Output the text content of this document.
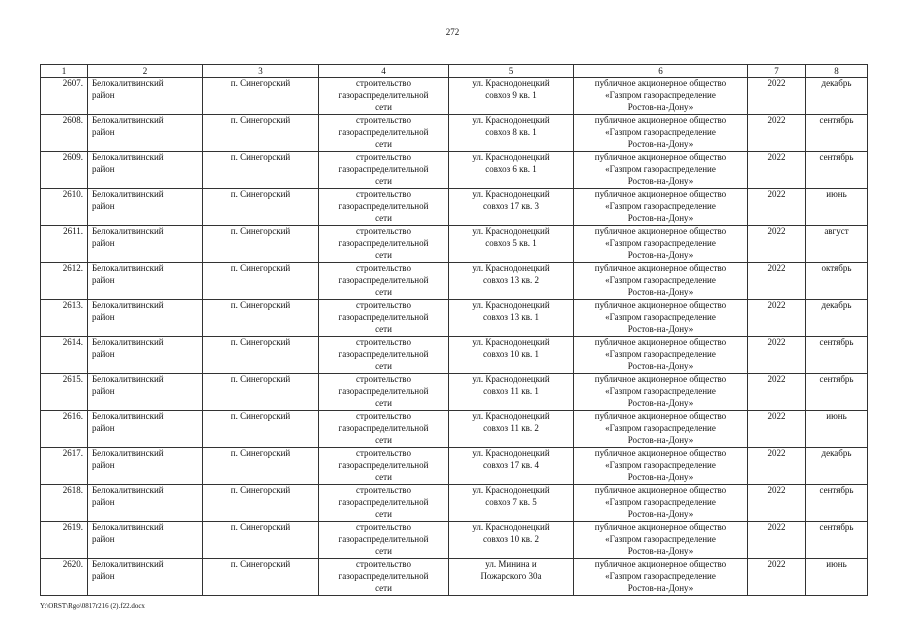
272
1	2	3	4	5	6	7	8
2607.	Белокалитвинский
район	п. Синегорский	строительство
газораспределительной
сети	ул. Краснодонецкий
совхоз 9 кв. 1	публичное акционерное общество
«Газпром газораспределение
Ростов-на-Дону»	2022	декабрь
2608.	Белокалитвинский
район	п. Синегорский	строительство
газораспределительной
сети	ул. Краснодонецкий
совхоз 8 кв. 1	публичное акционерное общество
«Газпром газораспределение
Ростов-на-Дону»	2022	сентябрь
2609.	Белокалитвинский
район	п. Синегорский	строительство
газораспределительной
сети	ул. Краснодонецкий
совхоз 6 кв. 1	публичное акционерное общество
«Газпром газораспределение
Ростов-на-Дону»	2022	сентябрь
2610.	Белокалитвинский
район	п. Синегорский	строительство
газораспределительной
сети	ул. Краснодонецкий
совхоз 17 кв. 3	публичное акционерное общество
«Газпром газораспределение
Ростов-на-Дону»	2022	июнь
2611.	Белокалитвинский
район	п. Синегорский	строительство
газораспределительной
сети	ул. Краснодонецкий
совхоз 5 кв. 1	публичное акционерное общество
«Газпром газораспределение
Ростов-на-Дону»	2022	август
2612.	Белокалитвинский
район	п. Синегорский	строительство
газораспределительной
сети	ул. Краснодонецкий
совхоз 13 кв. 2	публичное акционерное общество
«Газпром газораспределение
Ростов-на-Дону»	2022	октябрь
2613.	Белокалитвинский
район	п. Синегорский	строительство
газораспределительной
сети	ул. Краснодонецкий
совхоз 13 кв. 1	публичное акционерное общество
«Газпром газораспределение
Ростов-на-Дону»	2022	декабрь
2614.	Белокалитвинский
район	п. Синегорский	строительство
газораспределительной
сети	ул. Краснодонецкий
совхоз 10 кв. 1	публичное акционерное общество
«Газпром газораспределение
Ростов-на-Дону»	2022	сентябрь
2615.	Белокалитвинский
район	п. Синегорский	строительство
газораспределительной
сети	ул. Краснодонецкий
совхоз 11 кв. 1	публичное акционерное общество
«Газпром газораспределение
Ростов-на-Дону»	2022	сентябрь
2616.	Белокалитвинский
район	п. Синегорский	строительство
газораспределительной
сети	ул. Краснодонецкий
совхоз 11 кв. 2	публичное акционерное общество
«Газпром газораспределение
Ростов-на-Дону»	2022	июнь
2617.	Белокалитвинский
район	п. Синегорский	строительство
газораспределительной
сети	ул. Краснодонецкий
совхоз 17 кв. 4	публичное акционерное общество
«Газпром газораспределение
Ростов-на-Дону»	2022	декабрь
2618.	Белокалитвинский
район	п. Синегорский	строительство
газораспределительной
сети	ул. Краснодонецкий
совхоз 7 кв. 5	публичное акционерное общество
«Газпром газораспределение
Ростов-на-Дону»	2022	сентябрь
2619.	Белокалитвинский
район	п. Синегорский	строительство
газораспределительной
сети	ул. Краснодонецкий
совхоз 10 кв. 2	публичное акционерное общество
«Газпром газораспределение
Ростов-на-Дону»	2022	сентябрь
2620.	Белокалитвинский
район	п. Синегорский	строительство
газораспределительной
сети	ул. Минина и
Пожарского 30а	публичное акционерное общество
«Газпром газораспределение
Ростов-на-Дону»	2022	июнь
Y:\ORST\Rgo\0817r216 (2).f22.docx
